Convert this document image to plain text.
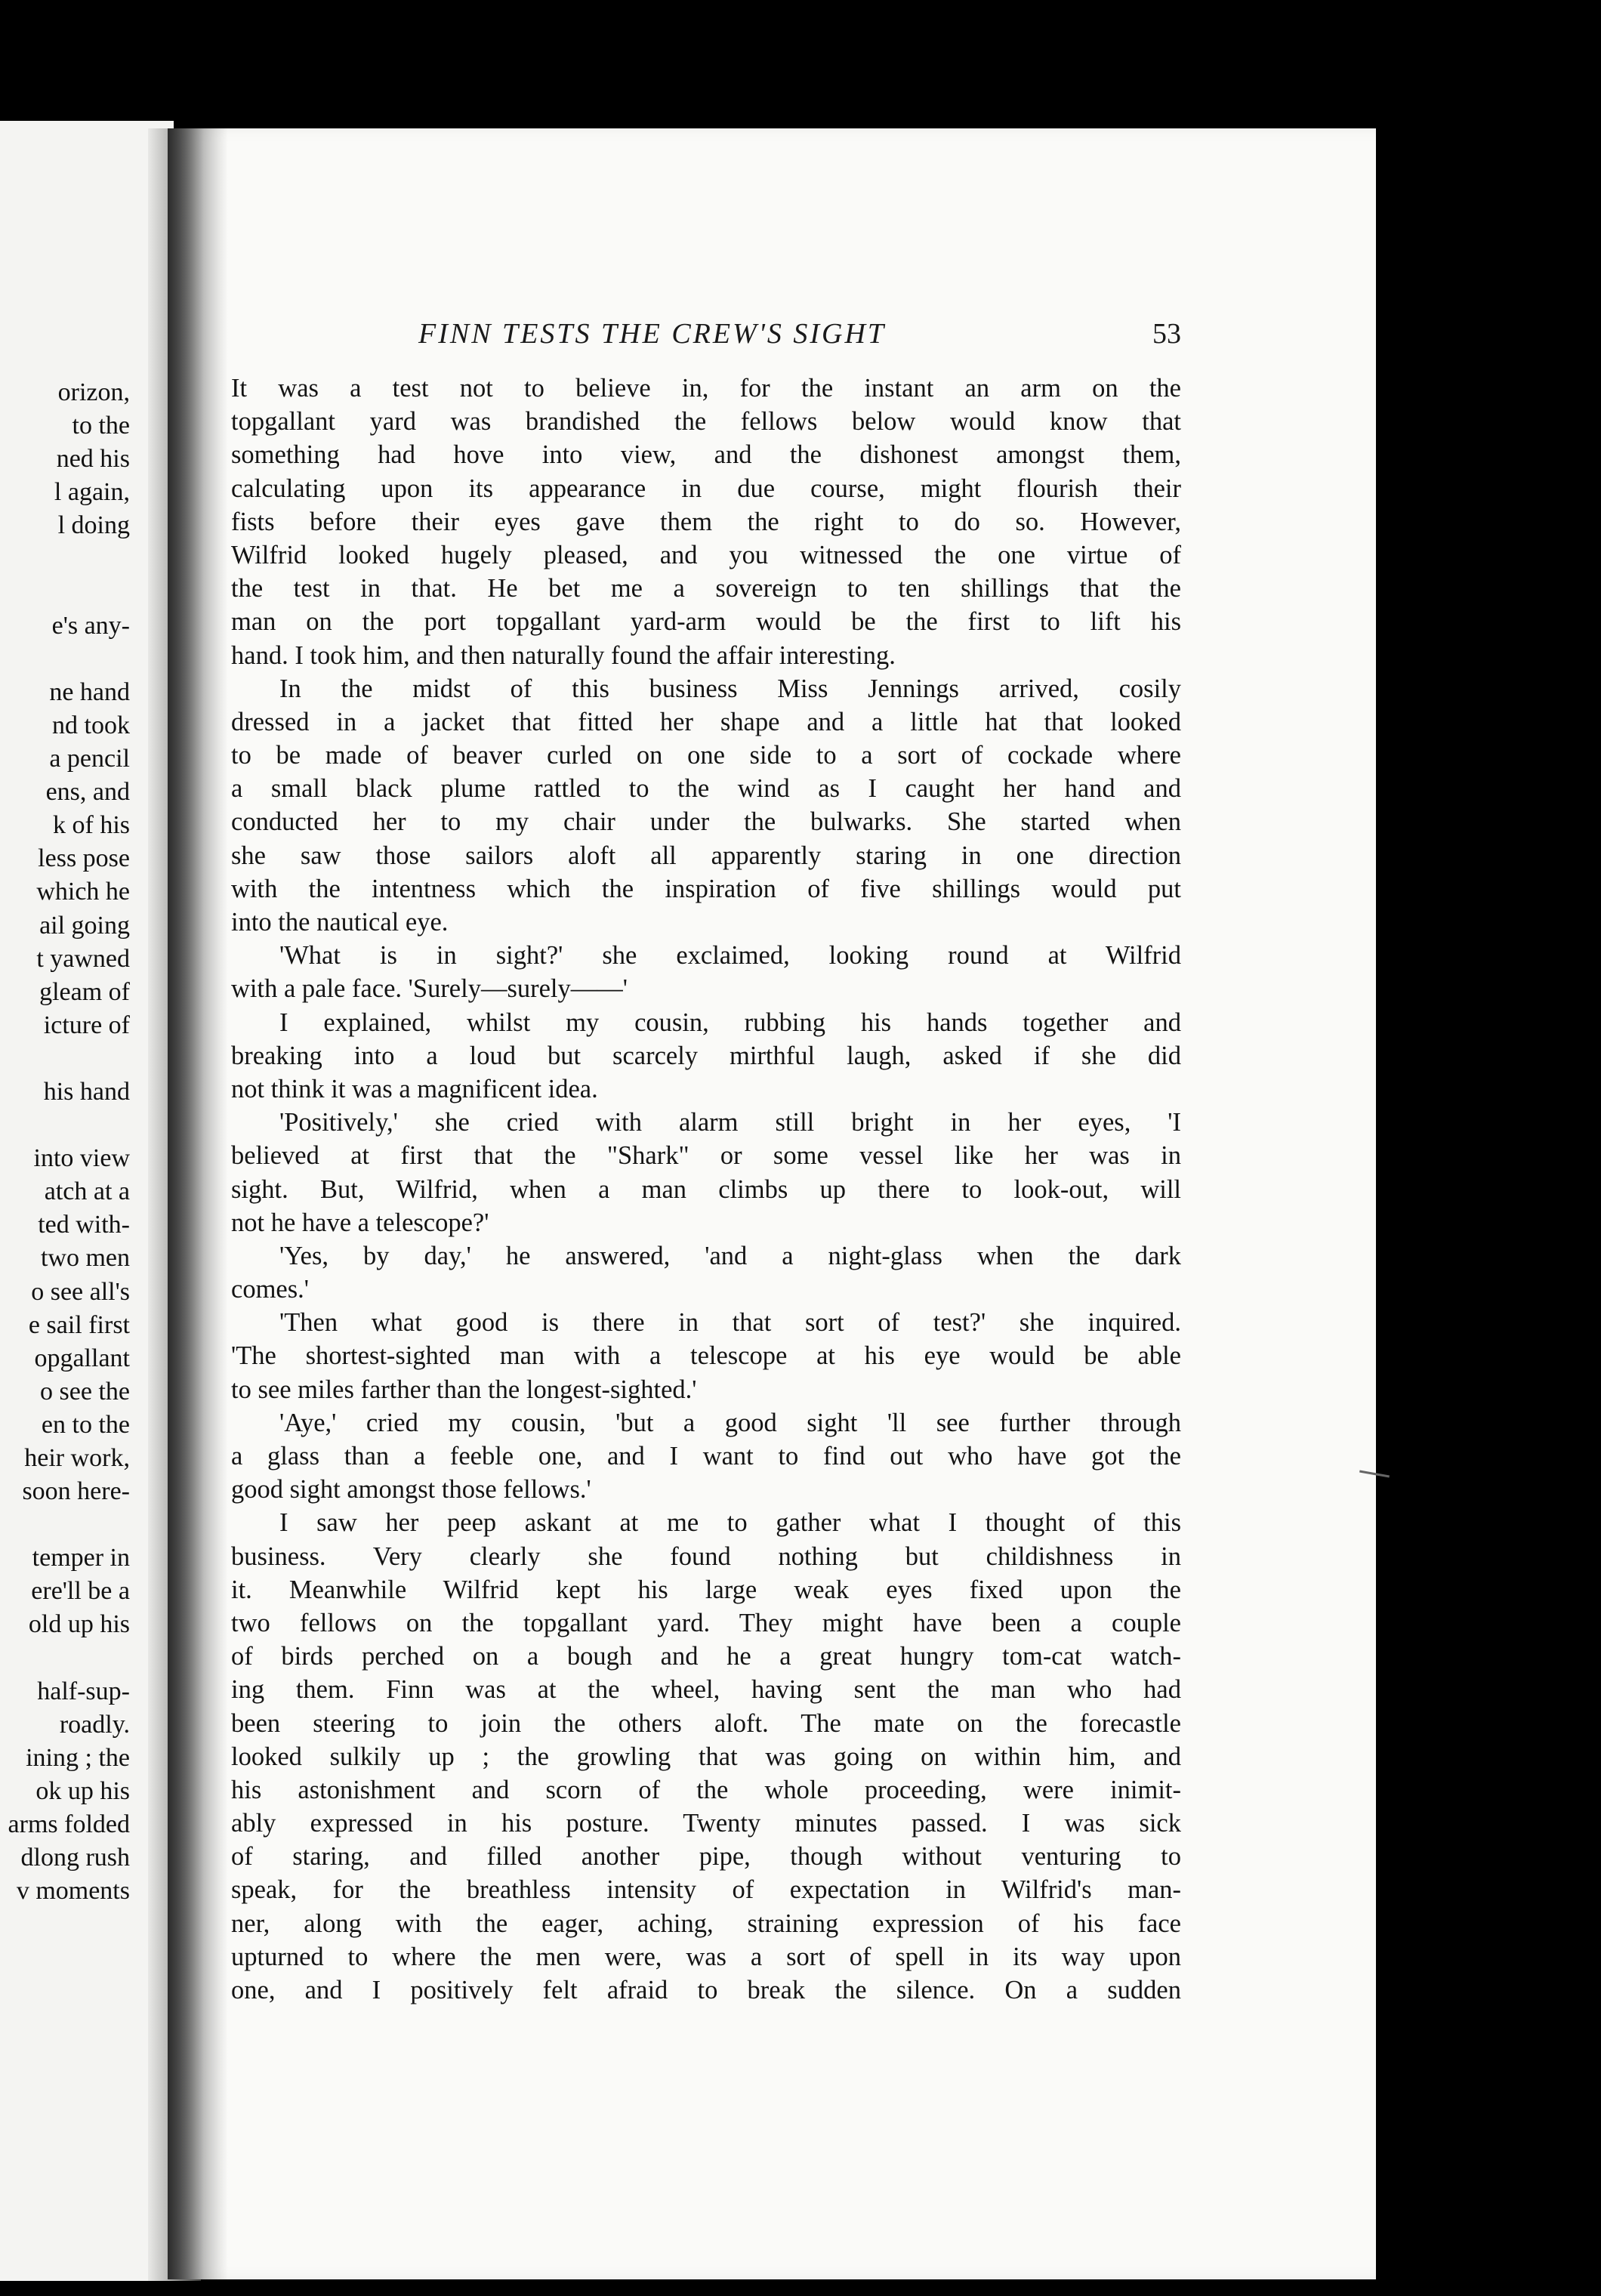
orizon,
to the
ned his
l again,
l doing
e's any-
ne hand
nd took
a pencil
ens, and
k of his
less pose
which he
ail going
t yawned
gleam of
icture of
his hand
into view
atch at a
ted with-
two men
o see all's
e sail first
opgallant
o see the
en to the
heir work,
soon here-
temper in
ere'll be a
old up his
half-sup-
roadly.
ining ; the
ok up his
arms folded
dlong rush
v moments
FINN TESTS THE CREW'S SIGHT	53
It was a test not to believe in, for the instant an arm on the
topgallant yard was brandished the fellows below would know that
something had hove into view, and the dishonest amongst them,
calculating upon its appearance in due course, might flourish their
fists before their eyes gave them the right to do so. However,
Wilfrid looked hugely pleased, and you witnessed the one virtue of
the test in that. He bet me a sovereign to ten shillings that the
man on the port topgallant yard-arm would be the first to lift his
hand. I took him, and then naturally found the affair interesting.
In the midst of this business Miss Jennings arrived, cosily
dressed in a jacket that fitted her shape and a little hat that looked
to be made of beaver curled on one side to a sort of cockade where
a small black plume rattled to the wind as I caught her hand and
conducted her to my chair under the bulwarks. She started when
she saw those sailors aloft all apparently staring in one direction
with the intentness which the inspiration of five shillings would put
into the nautical eye.
'What is in sight?' she exclaimed, looking round at Wilfrid
with a pale face. 'Surely—surely——'
I explained, whilst my cousin, rubbing his hands together and
breaking into a loud but scarcely mirthful laugh, asked if she did
not think it was a magnificent idea.
'Positively,' she cried with alarm still bright in her eyes, 'I
believed at first that the "Shark" or some vessel like her was in
sight. But, Wilfrid, when a man climbs up there to look-out, will
not he have a telescope?'
'Yes, by day,' he answered, 'and a night-glass when the dark
comes.'
'Then what good is there in that sort of test?' she inquired.
'The shortest-sighted man with a telescope at his eye would be able
to see miles farther than the longest-sighted.'
'Aye,' cried my cousin, 'but a good sight 'll see further through
a glass than a feeble one, and I want to find out who have got the
good sight amongst those fellows.'
I saw her peep askant at me to gather what I thought of this
business. Very clearly she found nothing but childishness in
it. Meanwhile Wilfrid kept his large weak eyes fixed upon the
two fellows on the topgallant yard. They might have been a couple
of birds perched on a bough and he a great hungry tom-cat watch-
ing them. Finn was at the wheel, having sent the man who had
been steering to join the others aloft. The mate on the forecastle
looked sulkily up ; the growling that was going on within him, and
his astonishment and scorn of the whole proceeding, were inimit-
ably expressed in his posture. Twenty minutes passed. I was sick
of staring, and filled another pipe, though without venturing to
speak, for the breathless intensity of expectation in Wilfrid's man-
ner, along with the eager, aching, straining expression of his face
upturned to where the men were, was a sort of spell in its way upon
one, and I positively felt afraid to break the silence. On a sudden
